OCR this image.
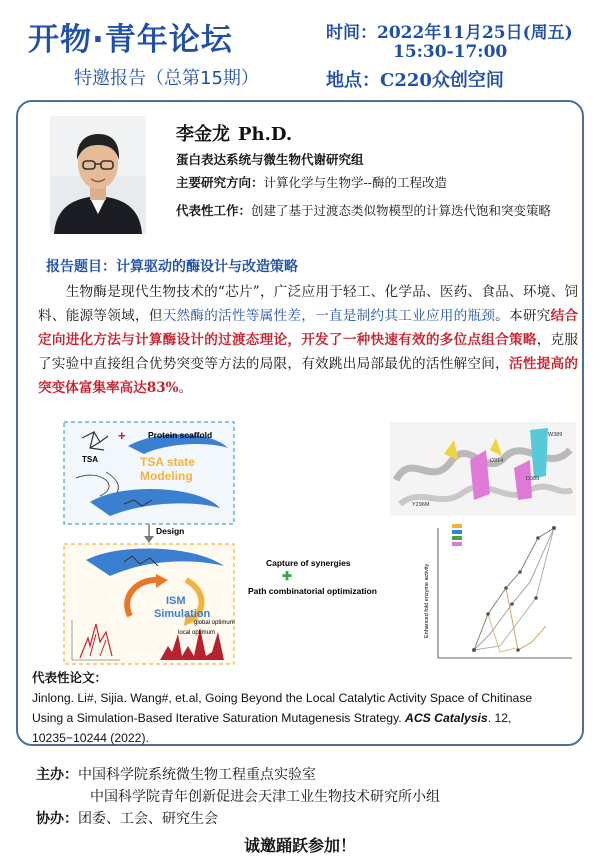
开物·青年论坛
特邀报告（总第15期）
时间：2022年11月25日(周五)
15:30-17:00
地点：C220众创空间
李金龙 Ph.D.
蛋白表达系统与微生物代谢研究组
主要研究方向：计算化学与生物学--酶的工程改造
代表性工作：创建了基于过渡态类似物模型的计算迭代饱和突变策略
报告题目：计算驱动的酶设计与改造策略
　　生物酶是现代生物技术的“芯片”，广泛应用于轻工、化学品、医药、食品、环境、饲料、能源等领域，但天然酶的活性等属性差，一直是制约其工业应用的瓶颈。本研究结合定向进化方法与计算酶设计的过渡态理论，开发了一种快速有效的多位点组合策略，克服了实验中直接组合优势突变等方法的局限，有效跳出局部最优的活性解空间，活性提高的突变体富集率高达83%。
TSA
+	Protein scaffold
TSA state
Modeling
Design
ISM
Simulation
global optimum
local optimum
Capture of synergies
✚
Path combinatorial optimization
D314
W389
D389
Y296M
Enhanced fold enzyme activity
代表性论文：
Jinlong. Li#, Sijia. Wang#, et.al, Going Beyond the Local Catalytic Activity Space of Chitinase
Using a Simulation-Based Iterative Saturation Mutagenesis Strategy. ACS Catalysis. 12,
10235−10244 (2022).
主办：中国科学院系统微生物工程重点实验室
中国科学院青年创新促进会天津工业生物技术研究所小组
协办：团委、工会、研究生会
诚邀踊跃参加！
